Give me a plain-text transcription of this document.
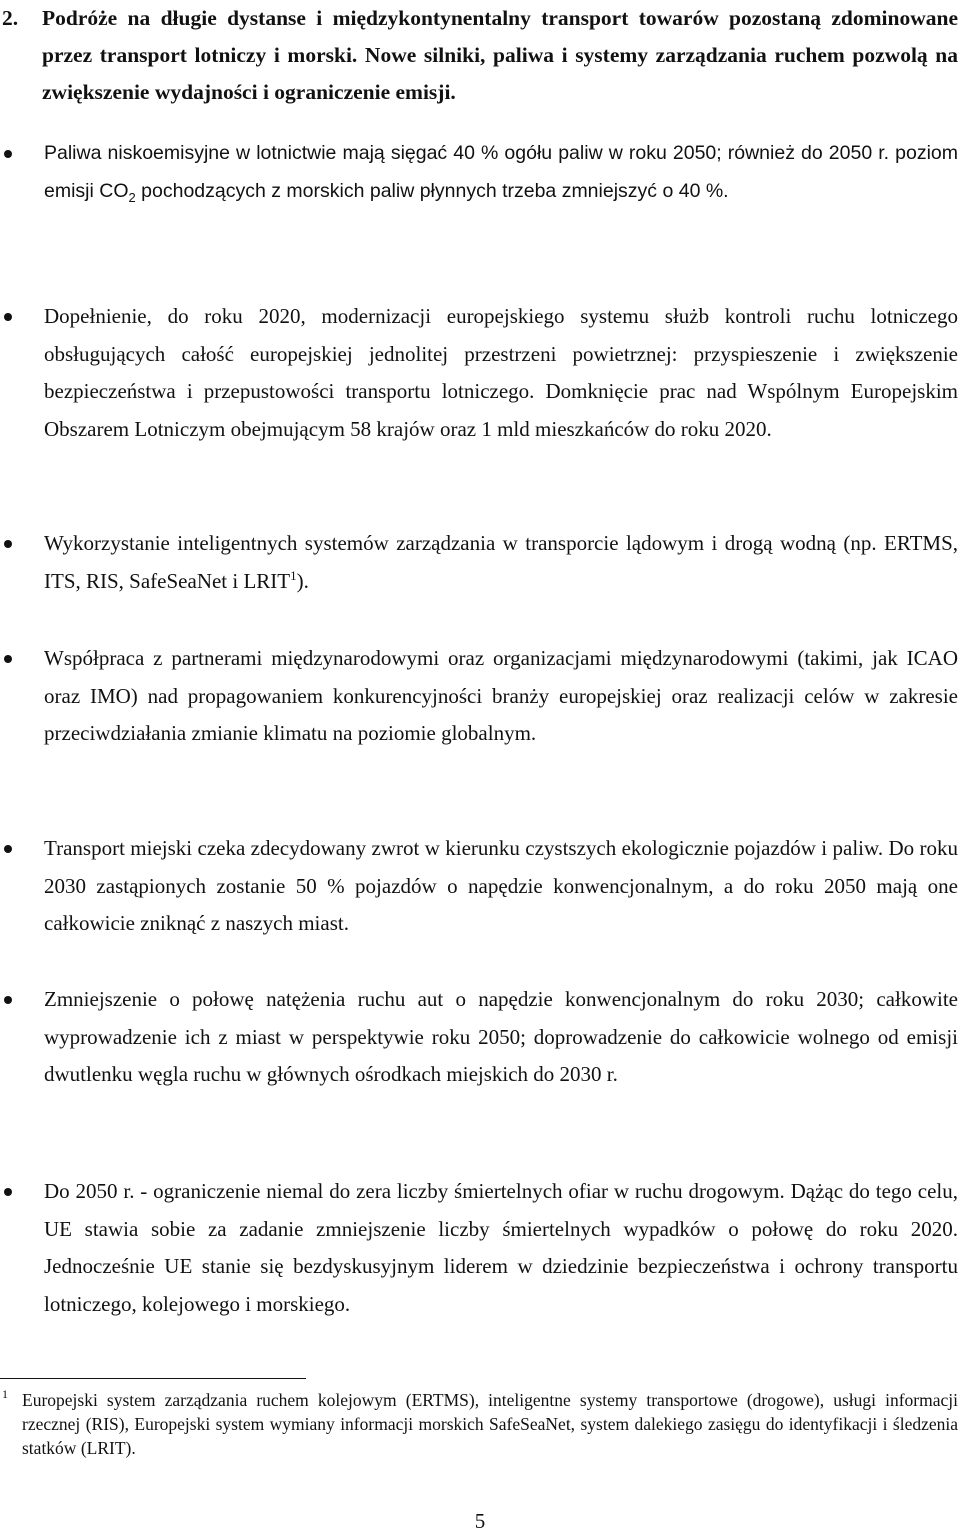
2. Podróże na długie dystanse i międzykontynentalny transport towarów pozostaną zdominowane przez transport lotniczy i morski. Nowe silniki, paliwa i systemy zarządzania ruchem pozwolą na zwiększenie wydajności i ograniczenie emisji.
Paliwa niskoemisyjne w lotnictwie mają sięgać 40 % ogółu paliw w roku 2050; również do 2050 r. poziom emisji $CO_2$ pochodzących z morskich paliw płynnych trzeba zmniejszyć o 40 %.
Dopełnienie, do roku 2020, modernizacji europejskiego systemu służb kontroli ruchu lotniczego obsługujących całość europejskiej jednolitej przestrzeni powietrznej: przyspieszenie i zwiększenie bezpieczeństwa i przepustowości transportu lotniczego. Domknięcie prac nad Wspólnym Europejskim Obszarem Lotniczym obejmującym 58 krajów oraz 1 mld mieszkańców do roku 2020.
Wykorzystanie inteligentnych systemów zarządzania w transporcie lądowym i drogą wodną (np. ERTMS, ITS, RIS, SafeSeaNet i LRIT$^1$).
Współpraca z partnerami międzynarodowymi oraz organizacjami międzynarodowymi (takimi, jak ICAO oraz IMO) nad propagowaniem konkurencyjności branży europejskiej oraz realizacji celów w zakresie przeciwdziałania zmianie klimatu na poziomie globalnym.
Transport miejski czeka zdecydowany zwrot w kierunku czystszych ekologicznie pojazdów i paliw. Do roku 2030 zastąpionych zostanie 50 % pojazdów o napędzie konwencjonalnym, a do roku 2050 mają one całkowicie zniknąć z naszych miast.
Zmniejszenie o połowę natężenia ruchu aut o napędzie konwencjonalnym do roku 2030; całkowite wyprowadzenie ich z miast w perspektywie roku 2050; doprowadzenie do całkowicie wolnego od emisji dwutlenku węgla ruchu w głównych ośrodkach miejskich do 2030 r.
Do 2050 r. - ograniczenie niemal do zera liczby śmiertelnych ofiar w ruchu drogowym. Dążąc do tego celu, UE stawia sobie za zadanie zmniejszenie liczby śmiertelnych wypadków o połowę do roku 2020. Jednocześnie UE stanie się bezdyskusyjnym liderem w dziedzinie bezpieczeństwa i ochrony transportu lotniczego, kolejowego i morskiego.
1 Europejski system zarządzania ruchem kolejowym (ERTMS), inteligentne systemy transportowe (drogowe), usługi informacji rzecznej (RIS), Europejski system wymiany informacji morskich SafeSeaNet, system dalekiego zasięgu do identyfikacji i śledzenia statków (LRIT).
5
